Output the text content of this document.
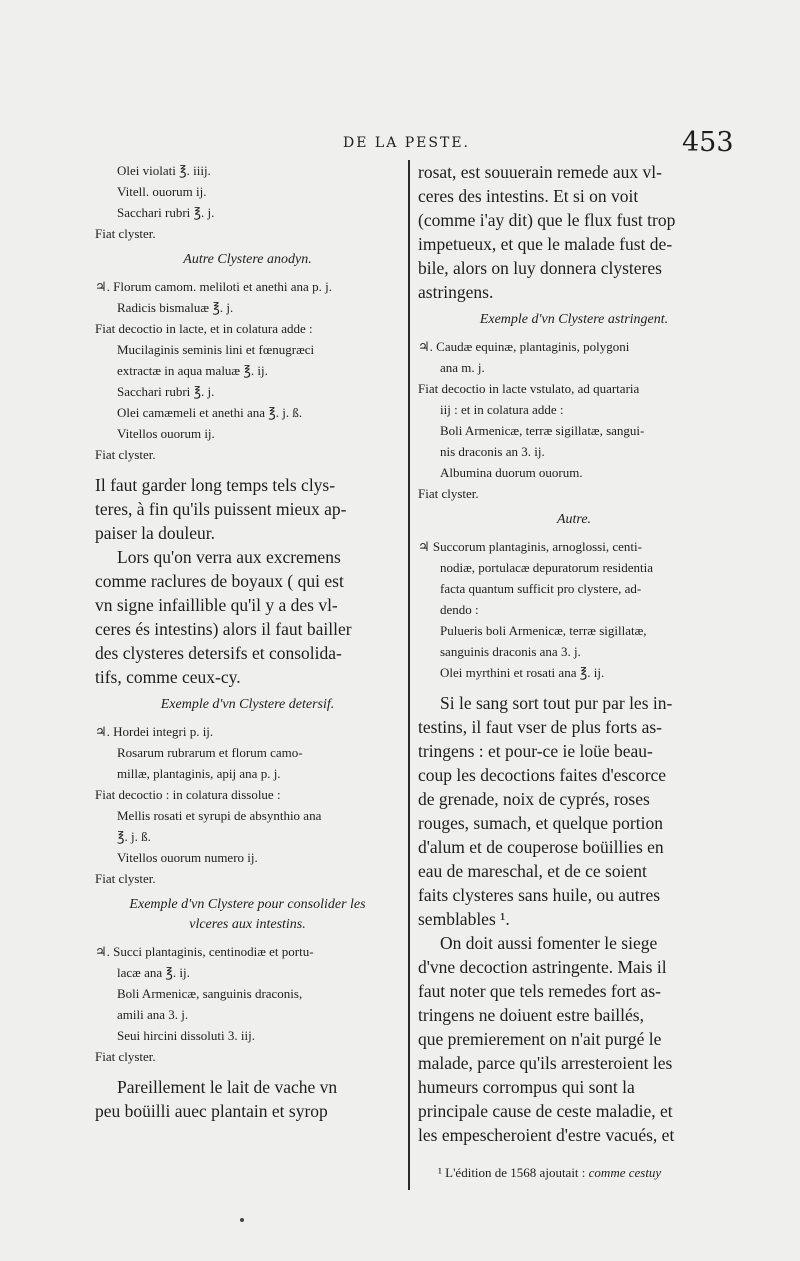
DE LA PESTE.	453
Olei violati ℥. iiij.
Vitell. ouorum ij.
Sacchari rubri ℥. j.
Fiat clyster.
Autre Clystere anodyn.
♃. Florum camom. meliloti et anethi ana p. j.
Radicis bismaluæ ℥. j.
Fiat decoctio in lacte, et in colatura adde :
Mucilaginis seminis lini et fœnugræci
extractæ in aqua maluæ ℥. ij.
Sacchari rubri ℥. j.
Olei camæmeli et anethi ana ℥. j. ß.
Vitellos ouorum ij.
Fiat clyster.
Il faut garder long temps tels clys-
teres, à fin qu'ils puissent mieux ap-
paiser la douleur.
Lors qu'on verra aux excremens
comme raclures de boyaux ( qui est
vn signe infaillible qu'il y a des vl-
ceres és intestins) alors il faut bailler
des clysteres detersifs et consolida-
tifs, comme ceux-cy.
Exemple d'vn Clystere detersif.
♃. Hordei integri p. ij.
Rosarum rubrarum et florum camo-
millæ, plantaginis, apij ana p. j.
Fiat decoctio : in colatura dissolue :
Mellis rosati et syrupi de absynthio ana
℥. j. ß.
Vitellos ouorum numero ij.
Fiat clyster.
Exemple d'vn Clystere pour consolider les
vlceres aux intestins.
♃. Succi plantaginis, centinodiæ et portu-
lacæ ana ℥. ij.
Boli Armenicæ, sanguinis draconis,
amili ana 3. j.
Seui hircini dissoluti 3. iij.
Fiat clyster.
Pareillement le lait de vache vn
peu boüilli auec plantain et syrop
rosat, est souuerain remede aux vl-
ceres des intestins. Et si on voit
(comme i'ay dit) que le flux fust trop
impetueux, et que le malade fust de-
bile, alors on luy donnera clysteres
astringens.
Exemple d'vn Clystere astringent.
♃. Caudæ equinæ, plantaginis, polygoni
ana m. j.
Fiat decoctio in lacte vstulato, ad quartaria
iij : et in colatura adde :
Boli Armenicæ, terræ sigillatæ, sangui-
nis draconis an 3. ij.
Albumina duorum ouorum.
Fiat clyster.
Autre.
♃ Succorum plantaginis, arnoglossi, centi-
nodiæ, portulacæ depuratorum residentia
facta quantum sufficit pro clystere, ad-
dendo :
Pulueris boli Armenicæ, terræ sigillatæ,
sanguinis draconis ana 3. j.
Olei myrthini et rosati ana ℥. ij.
Si le sang sort tout pur par les in-
testins, il faut vser de plus forts as-
tringens : et pour-ce ie loüe beau-
coup les decoctions faites d'escorce
de grenade, noix de cyprés, roses
rouges, sumach, et quelque portion
d'alum et de couperose boüillies en
eau de mareschal, et de ce soient
faits clysteres sans huile, ou autres
semblables ¹.
On doit aussi fomenter le siege
d'vne decoction astringente. Mais il
faut noter que tels remedes fort as-
tringens ne doiuent estre baillés,
que premierement on n'ait purgé le
malade, parce qu'ils arresteroient les
humeurs corrompus qui sont la
principale cause de ceste maladie, et
les empescheroient d'estre vacués, et
¹ L'édition de 1568 ajoutait : comme cestuy
